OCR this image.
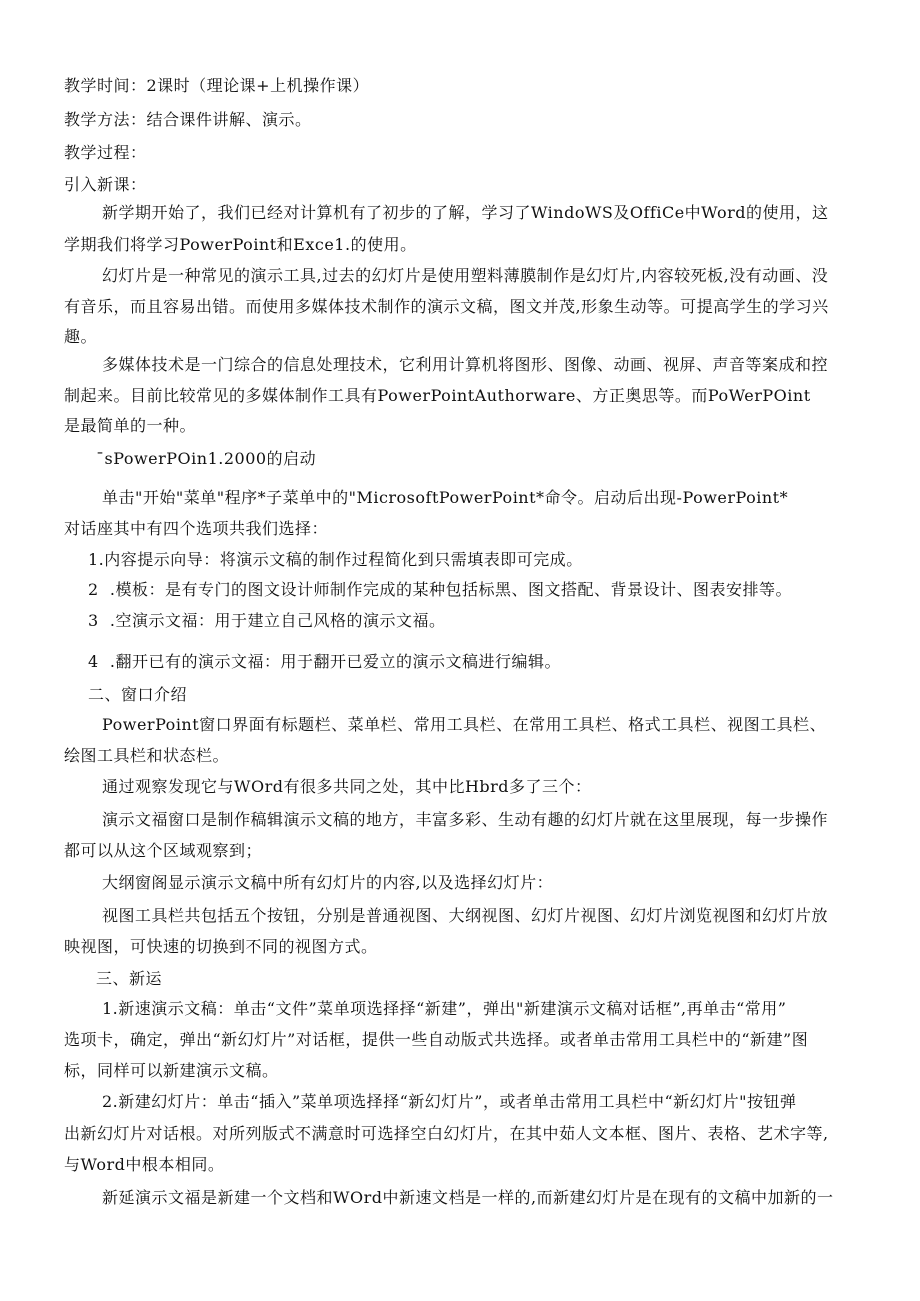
教学时间：2课时（理论课+上机操作课）
教学方法：结合课件讲解、演示。
教学过程：
引入新课：
新学期开始了，我们已经对计算机有了初步的了解，学习了WindoWS及OffiCe中Word的使用，这
学期我们将学习PowerPoint和Exce1.的使用。
幻灯片是一种常见的演示工具,过去的幻灯片是使用塑料薄膜制作是幻灯片,内容较死板,没有动画、没
有音乐，而且容易出错。而使用多媒体技术制作的演示文稿，图文并茂,形象生动等。可提高学生的学习兴
趣。
多媒体技术是一门综合的信息处理技术，它利用计算机将图形、图像、动画、视屏、声音等案成和控
制起来。目前比较常见的多媒体制作工具有PowerPointAuthorware、方正奥思等。而PoWerPOint
是最简单的一种。
¯sPowerPOin1.2000的启动
单击"开始"菜单"程序*子菜单中的"MicrosoftPowerPoint*命令。启动后出现-PowerPoint*
对话座其中有四个选项共我们选择：
1.内容提示向导：将演示文稿的制作过程简化到只需填表即可完成。
2  .模板：是有专门的图文设计师制作完成的某种包括标黑、图文搭配、背景设计、图表安排等。
3  .空演示文福：用于建立自己风格的演示文福。
4  .翻开已有的演示文福：用于翻开已爱立的演示文稿进行编辑。
二、窗口介绍
PowerPoint窗口界面有标题栏、菜单栏、常用工具栏、在常用工具栏、格式工具栏、视图工具栏、
绘图工具栏和状态栏。
通过观察发现它与WOrd有很多共同之处，其中比Hbrd多了三个：
演示文福窗口是制作稿辑演示文稿的地方，丰富多彩、生动有趣的幻灯片就在这里展现，每一步操作
都可以从这个区域观察到；
大纲窗阁显示演示文稿中所有幻灯片的内容,以及选择幻灯片：
视图工具栏共包括五个按钮，分别是普通视图、大纲视图、幻灯片视图、幻灯片浏览视图和幻灯片放
映视图，可快速的切换到不同的视图方式。
三、新运
1.新速演示文稿：单击“文件”菜单项选择择“新建”，弹出"新建演示文稿对话框”,再单击“常用”
选项卡，确定，弹出“新幻灯片”对话框，提供一些自动版式共选择。或者单击常用工具栏中的“新建”图
标，同样可以新建演示文稿。
2.新建幻灯片：单击“插入”菜单项选择择“新幻灯片”，或者单击常用工具栏中“新幻灯片"按钮弹
出新幻灯片对话根。对所列版式不满意时可选择空白幻灯片，在其中茹人文本框、图片、表格、艺术字等,
与Word中根本相同。
新延演示文福是新建一个文档和WOrd中新速文档是一样的,而新建幻灯片是在现有的文稿中加新的一
